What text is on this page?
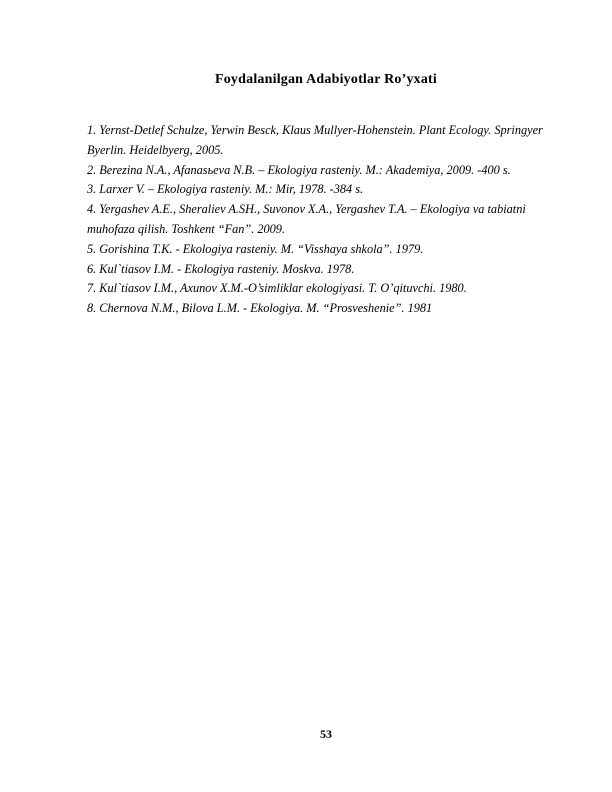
Foydalanilgan Adabiyotlar Ro’yxati
1. Yernst-Detlef Schulze, Yerwin Besck, Klaus Mullyer-Hohenstein. Plant Ecology. Springyer Byerlin. Heidelbyerg, 2005.
2. Berezina N.A., Afanasьeva N.B. – Ekologiya rasteniy. M.: Akademiya, 2009. -400 s.
3. Larxer V. – Ekologiya rasteniy. M.: Mir, 1978. -384 s.
4. Yergashev A.E., Sheraliev A.SH., Suvonov X.A., Yergashev T.A. – Ekologiya va tabiatni muhofaza qilish. Toshkent “Fan”. 2009.
5. Gorishina T.K. - Ekologiya rasteniy. M. “Visshaya shkola”. 1979.
6. Kul`tiasov I.M. - Ekologiya rasteniy. Moskva. 1978.
7. Kul`tiasov I.M., Axunov X.M.-O’simliklar ekologiyasi. T. O’qituvchi. 1980.
8. Chernova N.M., Bilova L.M. - Ekologiya. M. “Prosveshenie”. 1981
53
